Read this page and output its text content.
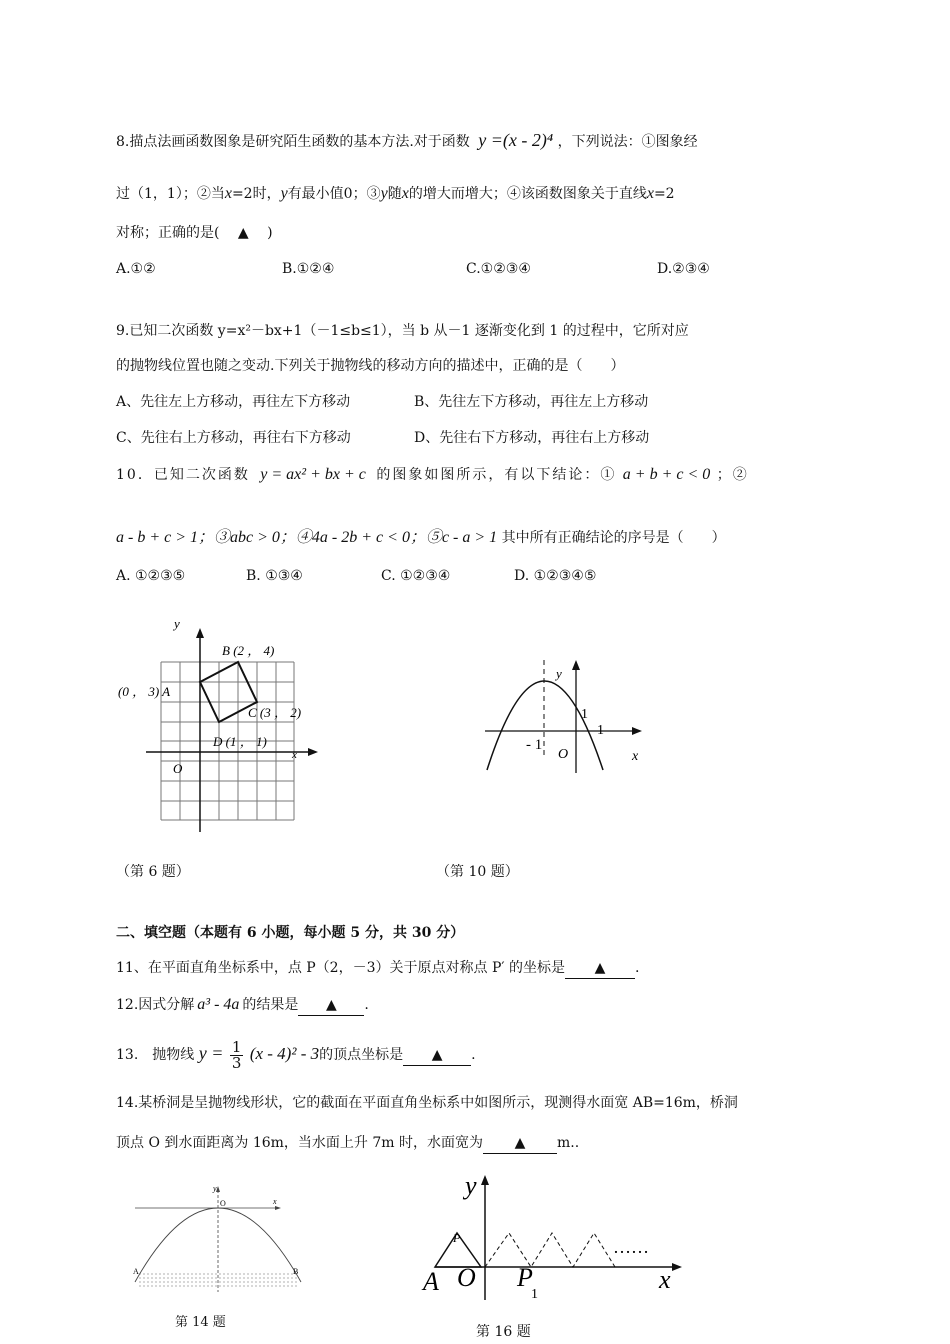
8.描点法画函数图象是研究陌生函数的基本方法.对于函数 y =(x - 2)⁴ ，下列说法：①图象经
过（1，1）；②当x=2时，y有最小值0；③y随x的增大而增大；④该函数图象关于直线x=2
对称；正确的是( ▲ )
A.①②	B.①②④	C.①②③④	D.②③④
9.已知二次函数 y=x²－bx+1（－1≤b≤1），当 b 从－1 逐渐变化到 1 的过程中，它所对应
的抛物线位置也随之变动.下列关于抛物线的移动方向的描述中，正确的是（　　）
A、先往左上方移动，再往左下方移动	B、先往左下方移动，再往左上方移动
C、先往右上方移动，再往右下方移动	D、先往右下方移动，再往右上方移动
10．已知二次函数 y = ax² + bx + c 的图象如图所示，有以下结论：① a + b + c < 0 ；②
a - b + c > 1；③abc > 0；④4a - 2b + c < 0；⑤c - a > 1 其中所有正确结论的序号是（　　）
A. ①②③⑤	B. ①③④	C. ①②③④	D. ①②③④⑤
y
x
O
(0 ， 3) A
B (2 ， 4)
C (3 ， 2)
D (1 ， 1)
（第 6 题）
y
x
O
1
1
- 1
（第 10 题）
二、填空题（本题有 6 小题，每小题 5 分，共 30 分）
11、在平面直角坐标系中，点 P（2，－3）关于原点对称点 P′ 的坐标是 ▲ .
12.因式分解 a³ - 4a 的结果是 ▲ .
13.　抛物线 $y = \frac{1}{3} (x - 4)^2 - 3$的顶点坐标是 ▲ .
14.某桥洞是呈抛物线形状，它的截面在平面直角坐标系中如图所示，现测得水面宽 AB=16m，桥洞
顶点 O 到水面距离为 16m，当水面上升 7m 时，水面宽为 ▲ m..
O	x
y
A	B
第 14 题
P	……
y
x
A O P
1
第 16 题
